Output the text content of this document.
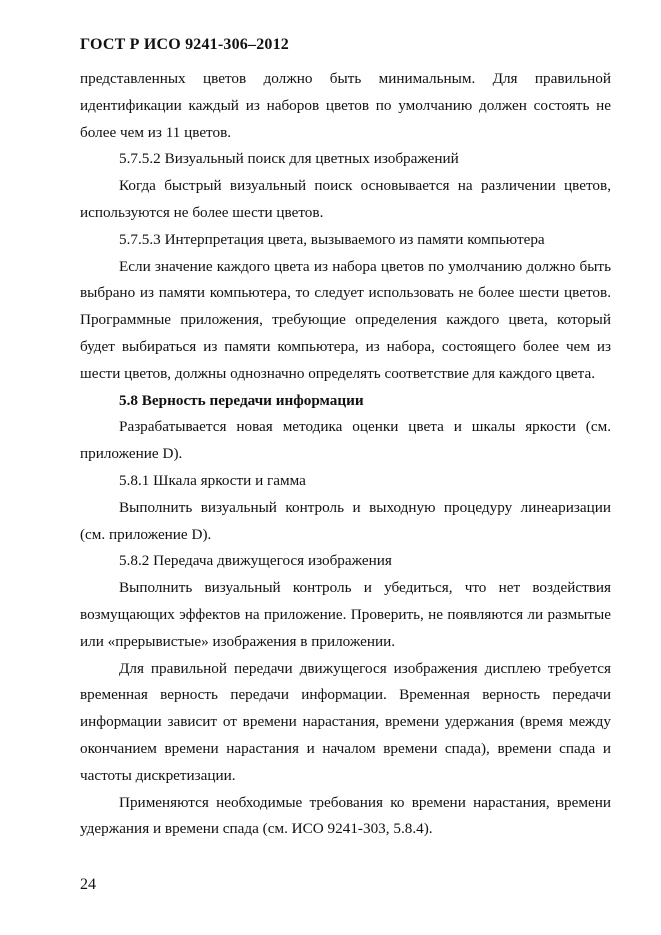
ГОСТ Р ИСО 9241-306–2012

представленных цветов должно быть минимальным. Для правильной идентификации каждый из наборов цветов по умолчанию должен состоять не более чем из 11 цветов.

5.7.5.2 Визуальный поиск для цветных изображений

Когда быстрый визуальный поиск основывается на различении цветов, используются не более шести цветов.

5.7.5.3 Интерпретация цвета, вызываемого из памяти компьютера

Если значение каждого цвета из набора цветов по умолчанию должно быть выбрано из памяти компьютера, то следует использовать не более шести цветов. Программные приложения, требующие определения каждого цвета, который будет выбираться из памяти компьютера, из набора, состоящего более чем из шести цветов, должны однозначно определять соответствие для каждого цвета.

5.8 Верность передачи информации

Разрабатывается новая методика оценки цвета и шкалы яркости (см. приложение D).

5.8.1 Шкала яркости и гамма

Выполнить визуальный контроль и выходную процедуру линеаризации (см. приложение D).

5.8.2 Передача движущегося изображения

Выполнить визуальный контроль и убедиться, что нет воздействия возмущающих эффектов на приложение. Проверить, не появляются ли размытые или «прерывистые» изображения в приложении.

Для правильной передачи движущегося изображения дисплею требуется временная верность передачи информации. Временная верность передачи информации зависит от времени нарастания, времени удержания (время между окончанием времени нарастания и началом времени спада), времени спада и частоты дискретизации.

Применяются необходимые требования ко времени нарастания, времени удержания и времени спада (см. ИСО 9241-303, 5.8.4).

24
